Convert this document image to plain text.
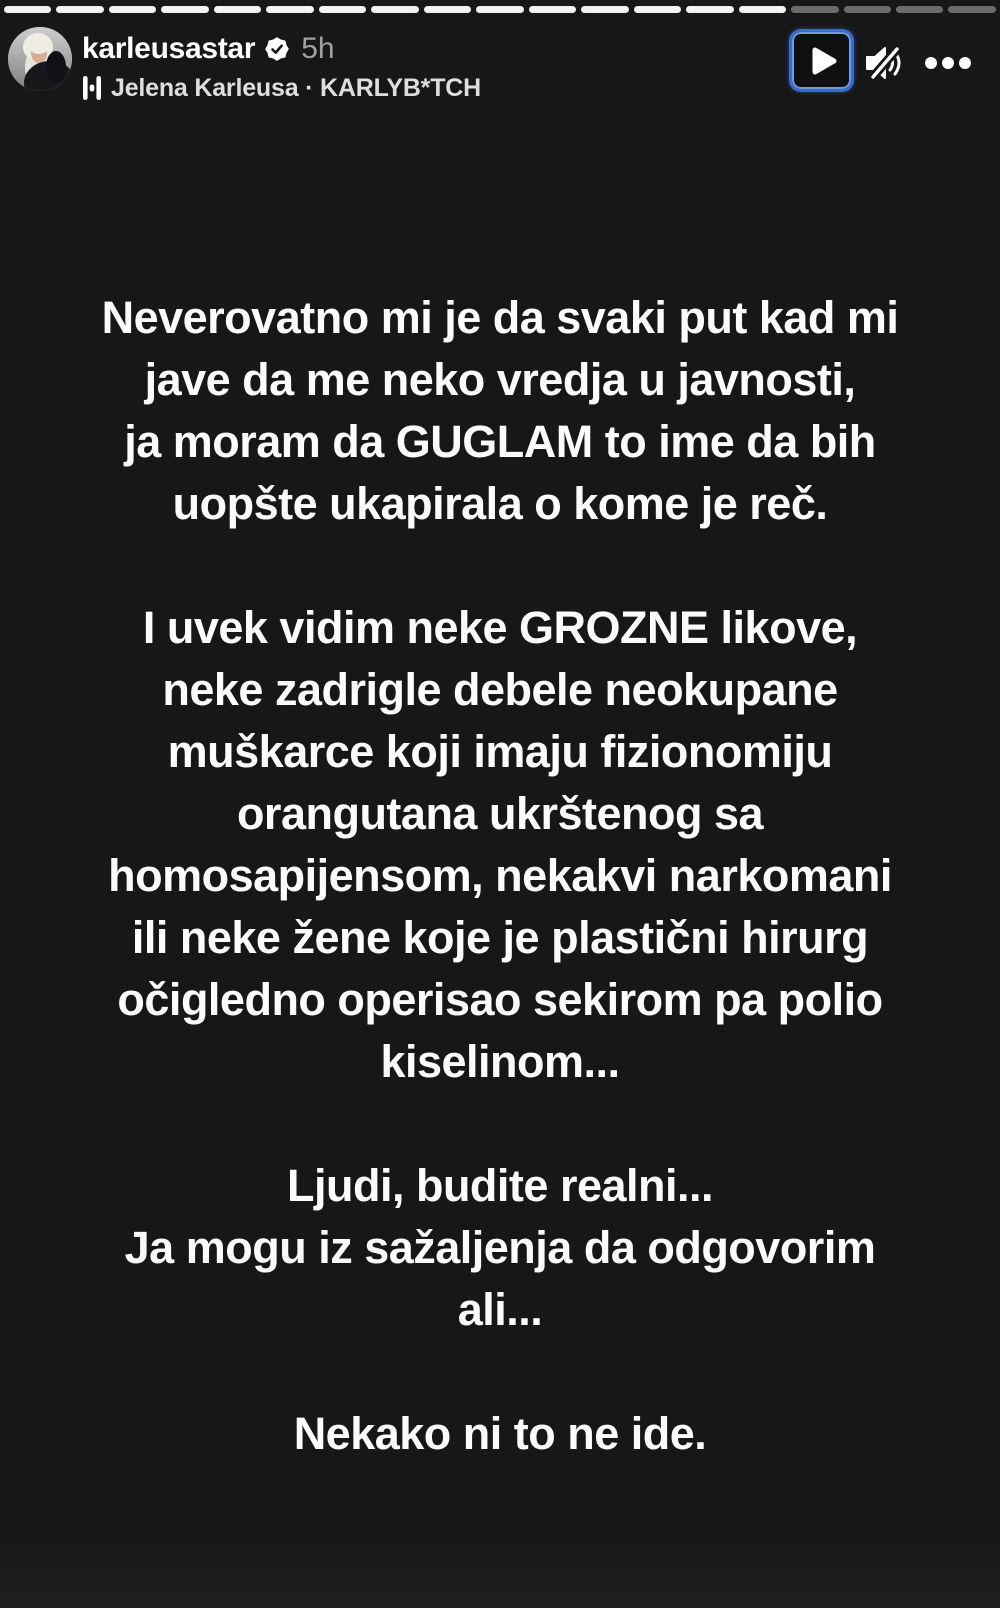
karleusastar 5h
Jelena Karleusa · KARLYB*TCH
Neverovatno mi je da svaki put kad mi
jave da me neko vredja u javnosti,
ja moram da GUGLAM to ime da bih
uopšte ukapirala o kome je reč.
I uvek vidim neke GROZNE likove,
neke zadrigle debele neokupane
muškarce koji imaju fizionomiju
orangutana ukrštenog sa
homosapijensom, nekakvi narkomani
ili neke žene koje je plastični hirurg
očigledno operisao sekirom pa polio
kiselinom...
Ljudi, budite realni...
Ja mogu iz sažaljenja da odgovorim
ali...
Nekako ni to ne ide.
